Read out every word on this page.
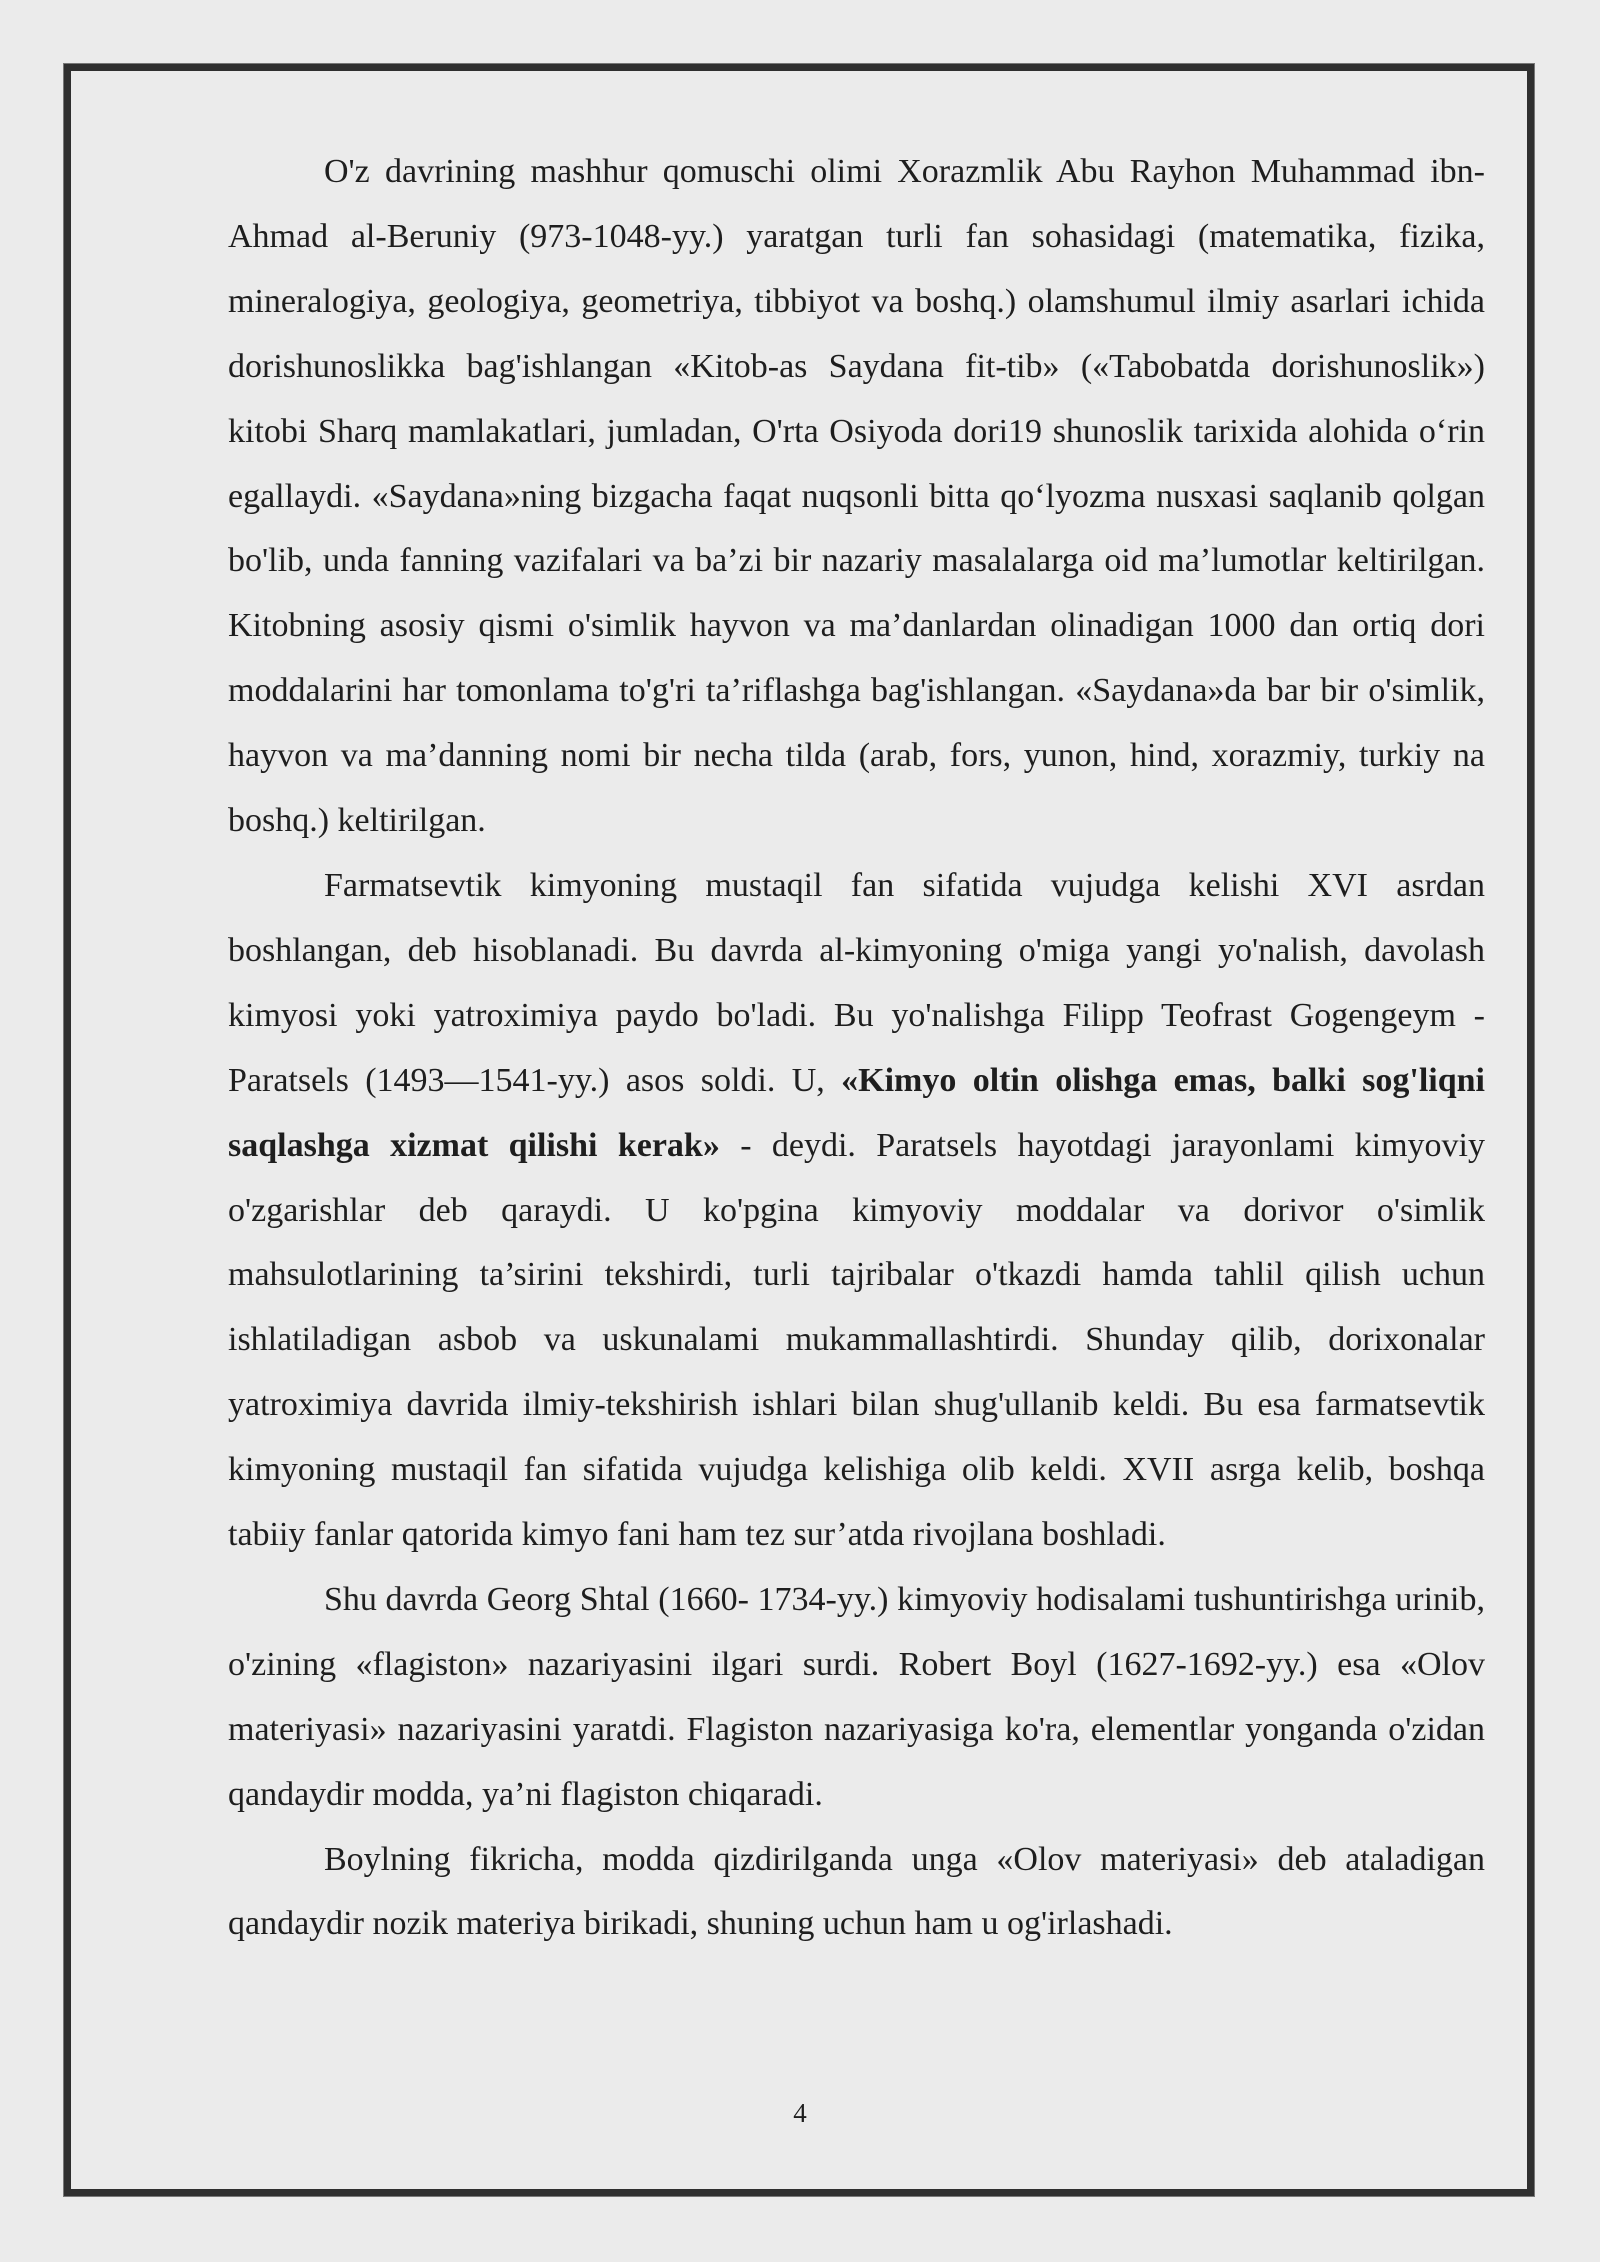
O'z davrining mashhur qomuschi olimi Xorazmlik Abu Rayhon Muhammad ibn-Ahmad al-Beruniy (973-1048-yy.) yaratgan turli fan sohasidagi (matematika, fizika, mineralogiya, geologiya, geometriya, tibbiyot va boshq.) olamshumul ilmiy asarlari ichida dorishunoslikka bag'ishlangan «Kitob-as Saydana fit-tib» («Tabobatda dorishunoslik») kitobi Sharq mamlakatlari, jumladan, O'rta Osiyoda dori19 shunoslik tarixida alohida o‘rin egallaydi. «Saydana»ning bizgacha faqat nuqsonli bitta qo‘lyozma nusxasi saqlanib qolgan bo'lib, unda fanning vazifalari va ba’zi bir nazariy masalalarga oid ma’lumotlar keltirilgan. Kitobning asosiy qismi o'simlik hayvon va ma’danlardan olinadigan 1000 dan ortiq dori moddalarini har tomonlama to'g'ri ta’riflashga bag'ishlangan. «Saydana»da bar bir o'simlik, hayvon va ma’danning nomi bir necha tilda (arab, fors, yunon, hind, xorazmiy, turkiy na boshq.) keltirilgan.

Farmatsevtik kimyoning mustaqil fan sifatida vujudga kelishi XVI asrdan boshlangan, deb hisoblanadi. Bu davrda al-kimyoning o'miga yangi yo'nalish, davolash kimyosi yoki yatroximiya paydo bo'ladi. Bu yo'nalishga Filipp Teofrast Gogengeym - Paratsels (1493—1541-yy.) asos soldi. U, «Kimyo oltin olishga emas, balki sog'liqni saqlashga xizmat qilishi kerak» - deydi. Paratsels hayotdagi jarayonlami kimyoviy o'zgarishlar deb qaraydi. U ko'pgina kimyoviy moddalar va dorivor o'simlik mahsulotlarining ta’sirini tekshirdi, turli tajribalar o'tkazdi hamda tahlil qilish uchun ishlatiladigan asbob va uskunalami mukammallashtirdi. Shunday qilib, dorixonalar yatroximiya davrida ilmiy-tekshirish ishlari bilan shug'ullanib keldi. Bu esa farmatsevtik kimyoning mustaqil fan sifatida vujudga kelishiga olib keldi. XVII asrga kelib, boshqa tabiiy fanlar qatorida kimyo fani ham tez sur’atda rivojlana boshladi.

Shu davrda Georg Shtal (1660- 1734-yy.) kimyoviy hodisalami tushuntirishga urinib, o'zining «flagiston» nazariyasini ilgari surdi. Robert Boyl (1627-1692-yy.) esa «Olov materiyasi» nazariyasini yaratdi. Flagiston nazariyasiga ko'ra, elementlar yonganda o'zidan qandaydir modda, ya’ni flagiston chiqaradi.

Boylning fikricha, modda qizdirilganda unga «Olov materiyasi» deb ataladigan qandaydir nozik materiya birikadi, shuning uchun ham u og'irlashadi.

4
